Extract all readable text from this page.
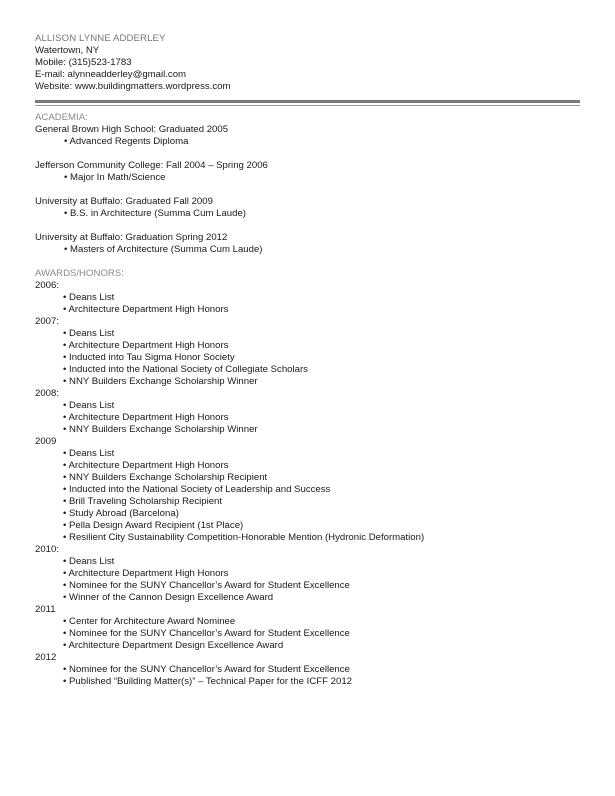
ALLISON LYNNE ADDERLEY
Watertown, NY
Mobile: (315)523-1783
E-mail: alynneadderley@gmail.com
Website: www.buildingmatters.wordpress.com
ACADEMIA:
General Brown High School: Graduated 2005
• Advanced Regents Diploma
Jefferson Community College: Fall 2004 – Spring 2006
• Major In Math/Science
University at Buffalo: Graduated Fall 2009
• B.S. in Architecture (Summa Cum Laude)
University at Buffalo: Graduation Spring 2012
• Masters of Architecture (Summa Cum Laude)
AWARDS/HONORS:
2006:
• Deans List
• Architecture Department High Honors
2007:
• Deans List
• Architecture Department High Honors
• Inducted into Tau Sigma Honor Society
• Inducted into the National Society of Collegiate Scholars
• NNY Builders Exchange Scholarship Winner
2008:
• Deans List
• Architecture Department High Honors
• NNY Builders Exchange Scholarship Winner
2009
• Deans List
• Architecture Department High Honors
• NNY Builders Exchange Scholarship Recipient
• Inducted into the National Society of Leadership and Success
• Brill Traveling Scholarship Recipient
• Study Abroad (Barcelona)
• Pella Design Award Recipient (1st Place)
• Resilient City Sustainability Competition-Honorable Mention (Hydronic Deformation)
2010:
• Deans List
• Architecture Department High Honors
• Nominee for the SUNY Chancellor’s Award for Student Excellence
• Winner of the Cannon Design Excellence Award
2011
• Center for Architecture Award Nominee
• Nominee for the SUNY Chancellor’s Award for Student Excellence
• Architecture Department Design Excellence Award
2012
• Nominee for the SUNY Chancellor’s Award for Student Excellence
• Published “Building Matter(s)” – Technical Paper for the ICFF 2012
